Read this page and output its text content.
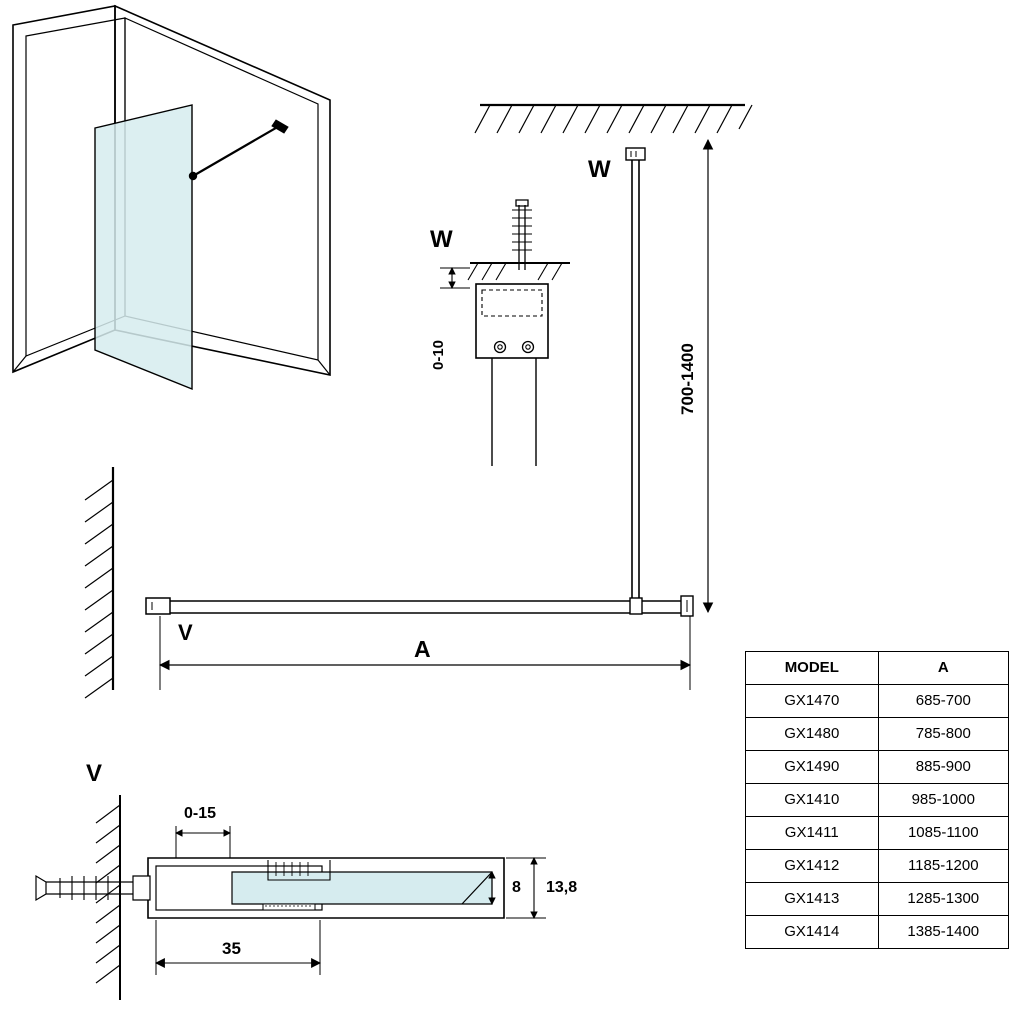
W
W
V
V
700-1400
A
0-10
0-15
8 13,8
35
MODEL	A
GX1470	685-700
GX1480	785-800
GX1490	885-900
GX1410	985-1000
GX1411	1085-1100
GX1412	1185-1200
GX1413	1285-1300
GX1414	1385-1400
